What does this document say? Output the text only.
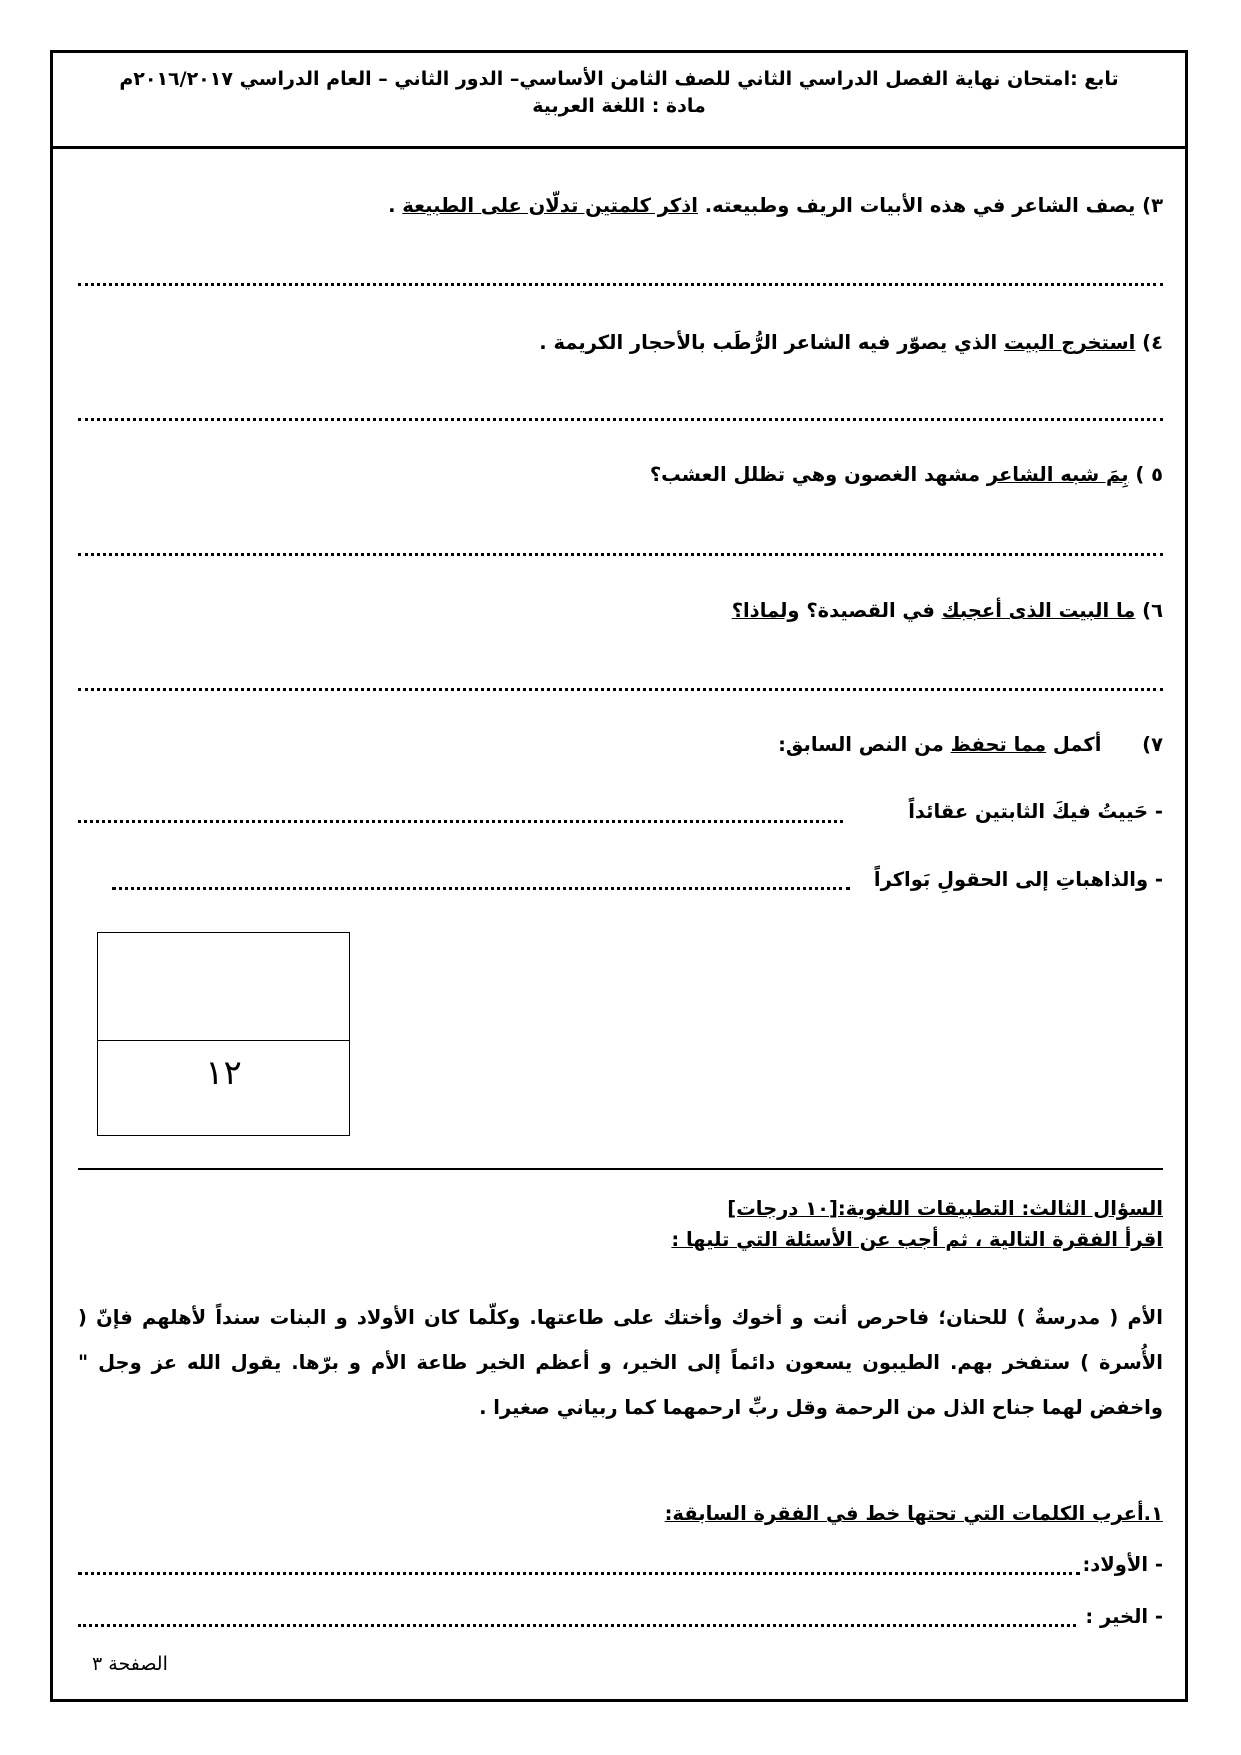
تابع :امتحان نهاية الفصل الدراسي الثاني للصف الثامن الأساسي– الدور الثاني – العام الدراسي ٢٠١٦/٢٠١٧م
مادة : اللغة العربية
٣) يصف الشاعر في هذه الأبيات الريف وطبيعته. اذكر كلمتين تدلّان على الطبيعة .
٤) استخرج البيت الذي يصوّر فيه الشاعر الرُّطَب بالأحجار الكريمة .
٥ ) بِمَ شبه الشاعر مشهد الغصون وهي تظلل العشب؟
٦) ما البيت الذى أعجبك في القصيدة؟ ولماذا؟
٧)      أكمل مما تحفظ من النص السابق:
- حَييتُ فيكَ الثابتين عقائداً
- والذاهباتِ إلى الحقولِ بَواكراً
١٢
السؤال الثالث: التطبيقات اللغوية:[١٠ درجات]
اقرأ الفقرة التالية ، ثم أجب عن الأسئلة التي تليها :
الأم ( مدرسةٌ ) للحنان؛ فاحرص أنت و أخوك وأختك على طاعتها. وكلّما كان الأولاد و البنات سنداً لأهلهم فإنّ ( الأُسرة ) ستفخر بهم. الطيبون يسعون دائماً إلى الخير، و أعظم الخير طاعة الأم و برّها. يقول الله عز وجل " واخفض لهما جناح الذل من الرحمة وقل ربِّ ارحمهما كما ربياني صغيرا .
١.أعرب الكلمات التي تحتها خط في الفقرة السابقة:
- الأولاد:
- الخير :
الصفحة ٣
